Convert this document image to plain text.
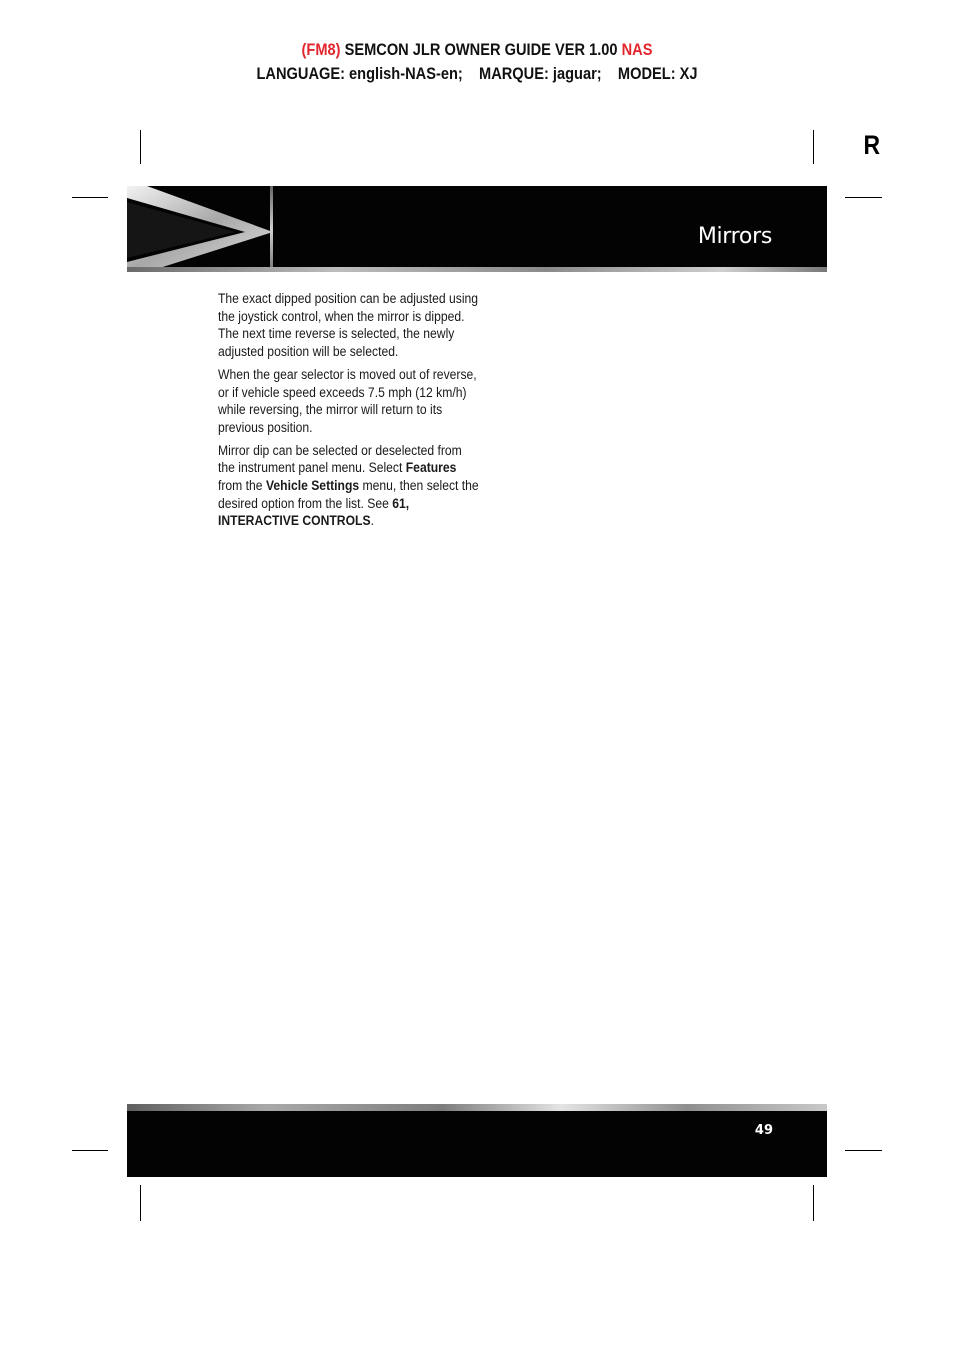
(FM8) SEMCON JLR OWNER GUIDE VER 1.00 NAS
LANGUAGE: english-NAS-en;    MARQUE: jaguar;    MODEL: XJ
R
Mirrors

The exact dipped position can be adjusted using the joystick control, when the mirror is dipped. The next time reverse is selected, the newly adjusted position will be selected.

When the gear selector is moved out of reverse, or if vehicle speed exceeds 7.5 mph (12 km/h) while reversing, the mirror will return to its previous position.

Mirror dip can be selected or deselected from the instrument panel menu. Select Features from the Vehicle Settings menu, then select the desired option from the list. See 61, INTERACTIVE CONTROLS.

49
